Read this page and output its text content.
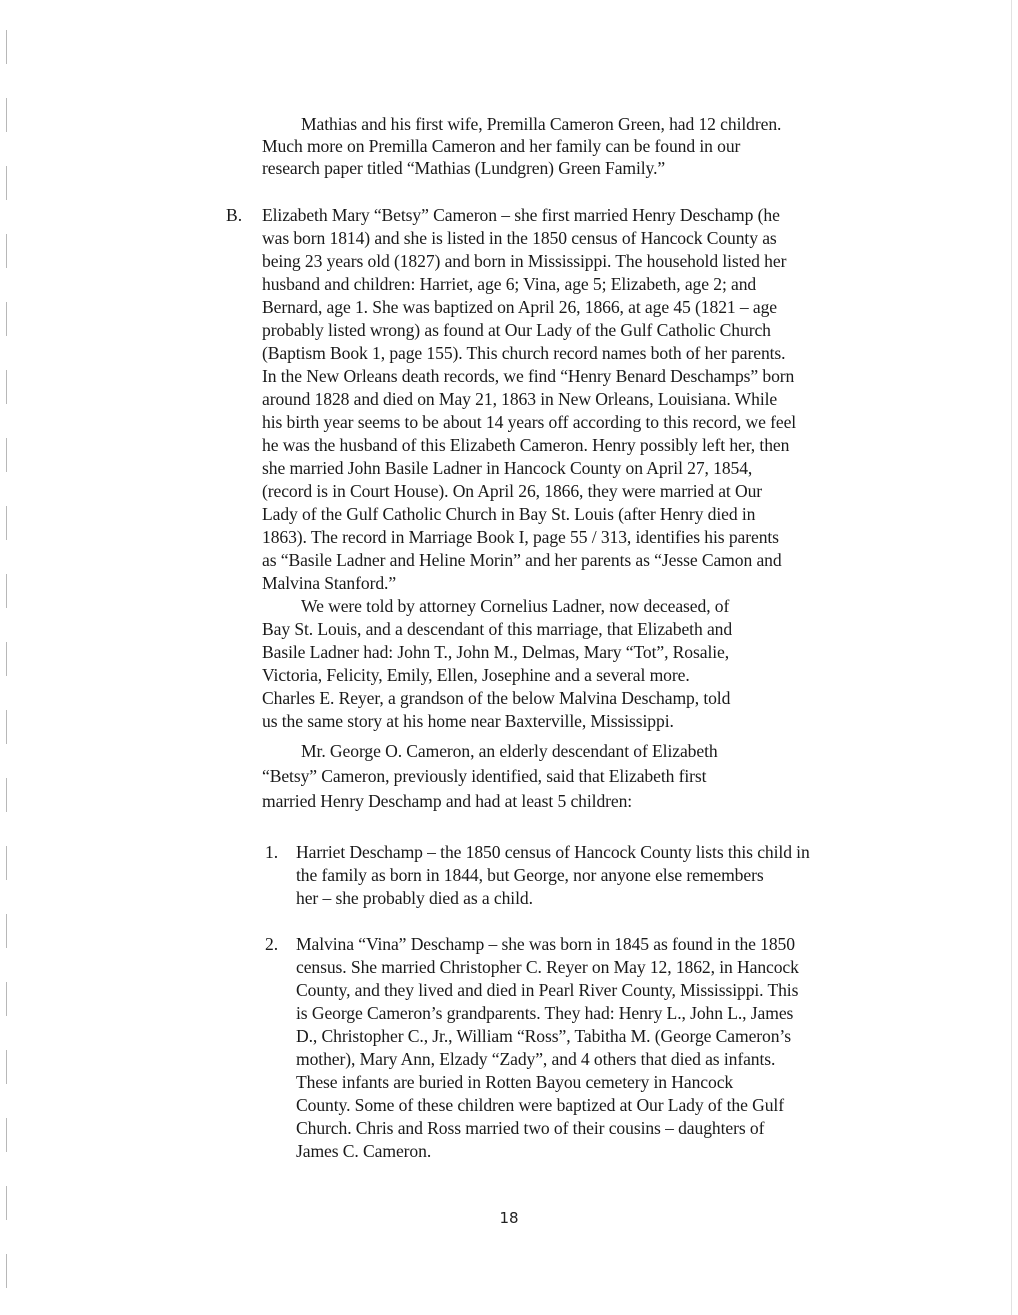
Mathias and his first wife, Premilla Cameron Green, had 12 children.
Much more on Premilla Cameron and her family can be found in our
research paper titled “Mathias (Lundgren) Green Family.”
B. Elizabeth Mary “Betsy” Cameron – she first married Henry Deschamp (he
was born 1814) and she is listed in the 1850 census of Hancock County as
being 23 years old (1827) and born in Mississippi. The household listed her
husband and children: Harriet, age 6; Vina, age 5; Elizabeth, age 2; and
Bernard, age 1. She was baptized on April 26, 1866, at age 45 (1821 – age
probably listed wrong) as found at Our Lady of the Gulf Catholic Church
(Baptism Book 1, page 155). This church record names both of her parents.
In the New Orleans death records, we find “Henry Benard Deschamps” born
around 1828 and died on May 21, 1863 in New Orleans, Louisiana. While
his birth year seems to be about 14 years off according to this record, we feel
he was the husband of this Elizabeth Cameron. Henry possibly left her, then
she married John Basile Ladner in Hancock County on April 27, 1854,
(record is in Court House). On April 26, 1866, they were married at Our
Lady of the Gulf Catholic Church in Bay St. Louis (after Henry died in
1863). The record in Marriage Book I, page 55 / 313, identifies his parents
as “Basile Ladner and Heline Morin” and her parents as “Jesse Camon and
Malvina Stanford.”
We were told by attorney Cornelius Ladner, now deceased, of
Bay St. Louis, and a descendant of this marriage, that Elizabeth and
Basile Ladner had: John T., John M., Delmas, Mary “Tot”, Rosalie,
Victoria, Felicity, Emily, Ellen, Josephine and a several more.
Charles E. Reyer, a grandson of the below Malvina Deschamp, told
us the same story at his home near Baxterville, Mississippi.
Mr. George O. Cameron, an elderly descendant of Elizabeth
“Betsy” Cameron, previously identified, said that Elizabeth first
married Henry Deschamp and had at least 5 children:
1. Harriet Deschamp – the 1850 census of Hancock County lists this child in
the family as born in 1844, but George, nor anyone else remembers
her – she probably died as a child.
2. Malvina “Vina” Deschamp – she was born in 1845 as found in the 1850
census. She married Christopher C. Reyer on May 12, 1862, in Hancock
County, and they lived and died in Pearl River County, Mississippi. This
is George Cameron’s grandparents. They had: Henry L., John L., James
D., Christopher C., Jr., William “Ross”, Tabitha M. (George Cameron’s
mother), Mary Ann, Elzady “Zady”, and 4 others that died as infants.
These infants are buried in Rotten Bayou cemetery in Hancock
County. Some of these children were baptized at Our Lady of the Gulf
Church. Chris and Ross married two of their cousins – daughters of
James C. Cameron.
18
